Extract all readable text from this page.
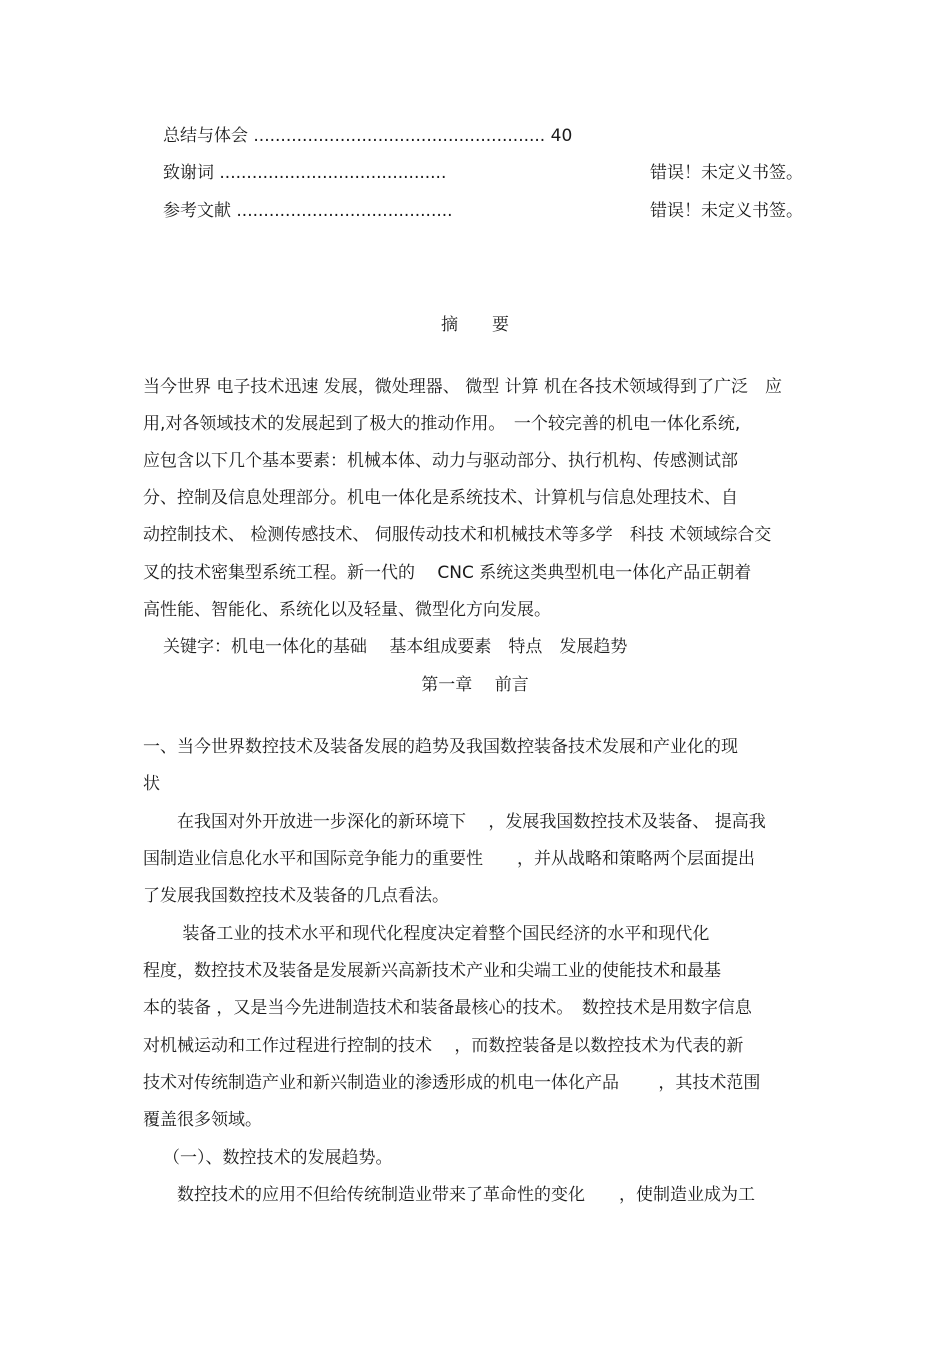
总结与体会 ...................................................... 40
致谢词 ..........................................	错误！未定义书签。
参考文献 ........................................	错误！未定义书签。
摘　　要
当今世界 电子技术迅速 发展，微处理器、 微型 计算 机在各技术领域得到了广泛　应
用,对各领域技术的发展起到了极大的推动作用。　一个较完善的机电一体化系统,
应包含以下几个基本要素：机械本体、动力与驱动部分、执行机构、传感测试部
分、控制及信息处理部分。机电一体化是系统技术、计算机与信息处理技术、自
动控制技术、 检测传感技术、 伺服传动技术和机械技术等多学　科技 术领域综合交
叉的技术密集型系统工程。新一代的　 CNC 系统这类典型机电一体化产品正朝着
高性能、智能化、系统化以及轻量、微型化方向发展。
关键字：机电一体化的基础　 基本组成要素　特点　发展趋势
第一章　 前言
一、当今世界数控技术及装备发展的趋势及我国数控装备技术发展和产业化的现
状
　　在我国对外开放进一步深化的新环境下　 ，发展我国数控技术及装备、 提高我
国制造业信息化水平和国际竞争能力的重要性　　，并从战略和策略两个层面提出
了发展我国数控技术及装备的几点看法。
　　 装备工业的技术水平和现代化程度决定着整个国民经济的水平和现代化
程度，数控技术及装备是发展新兴高新技术产业和尖端工业的使能技术和最基
本的装备 ，又是当今先进制造技术和装备最核心的技术。　数控技术是用数字信息
对机械运动和工作过程进行控制的技术　 ，而数控装备是以数控技术为代表的新
技术对传统制造产业和新兴制造业的渗透形成的机电一体化产品　　 ，其技术范围
覆盖很多领域。
（一）、数控技术的发展趋势。
　　数控技术的应用不但给传统制造业带来了革命性的变化　　，使制造业成为工
